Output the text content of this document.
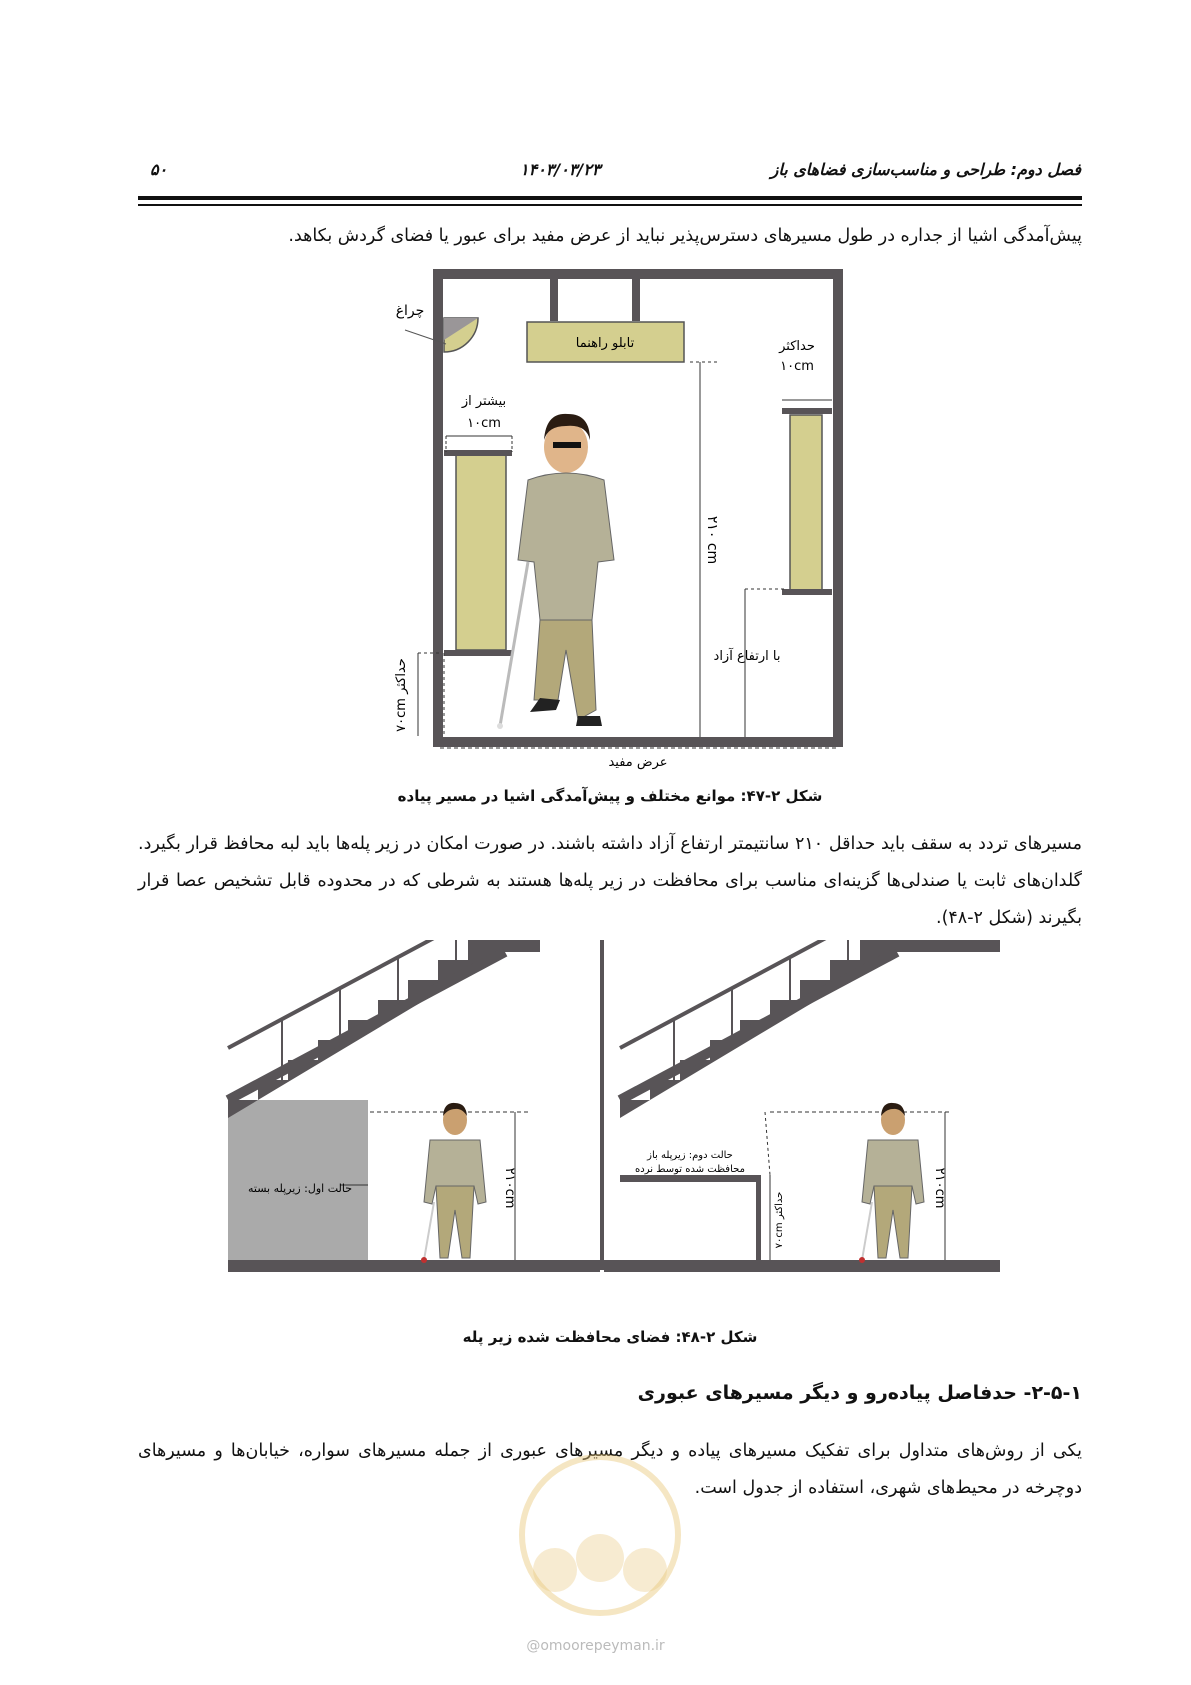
فصل دوم: طراحی و مناسب‌سازی فضاهای باز
۱۴۰۳/۰۳/۲۳
۵۰
پیش‌آمدگی اشیا از جداره در طول مسیرهای دسترس‌پذیر نباید از عرض مفید برای عبور یا فضای گردش بکاهد.
تابلو راهنما
چراغ
بیشتر از
۱۰cm
حداکثر ۷۰cm
حداکثر
۱۰cm
۲۱۰ cm
با ارتفاع آزاد
عرض مفید
شکل ۲-۴۷: موانع مختلف و پیش‌آمدگی اشیا در مسیر پیاده
مسیرهای تردد به سقف باید حداقل ۲۱۰ سانتیمتر ارتفاع آزاد داشته باشند. در صورت امکان در زیر پله‌ها باید لبه محافظ قرار بگیرد. گلدان‌های ثابت یا صندلی‌ها گزینه‌ای مناسب برای محافظت در زیر پله‌ها هستند به شرطی که در محدوده قابل تشخیص عصا قرار بگیرند (شکل ۲-۴۸).
۲۱۰cm
حالت اول: زیرپله بسته	۲۱۰cm
حداکثر ۷۰cm
حالت دوم: زیرپله باز
محافظت شده توسط نرده
شکل ۲-۴۸: فضای محافظت شده زیر پله
۲-۵-۱- حدفاصل پیاده‌رو و دیگر مسیرهای عبوری
یکی از روش‌های متداول برای تفکیک مسیرهای پیاده و دیگر مسیرهای عبوری از جمله مسیرهای سواره، خیابان‌ها و مسیرهای دوچرخه در محیط‌های شهری، استفاده از جدول است.
@omoorepeyman.ir
